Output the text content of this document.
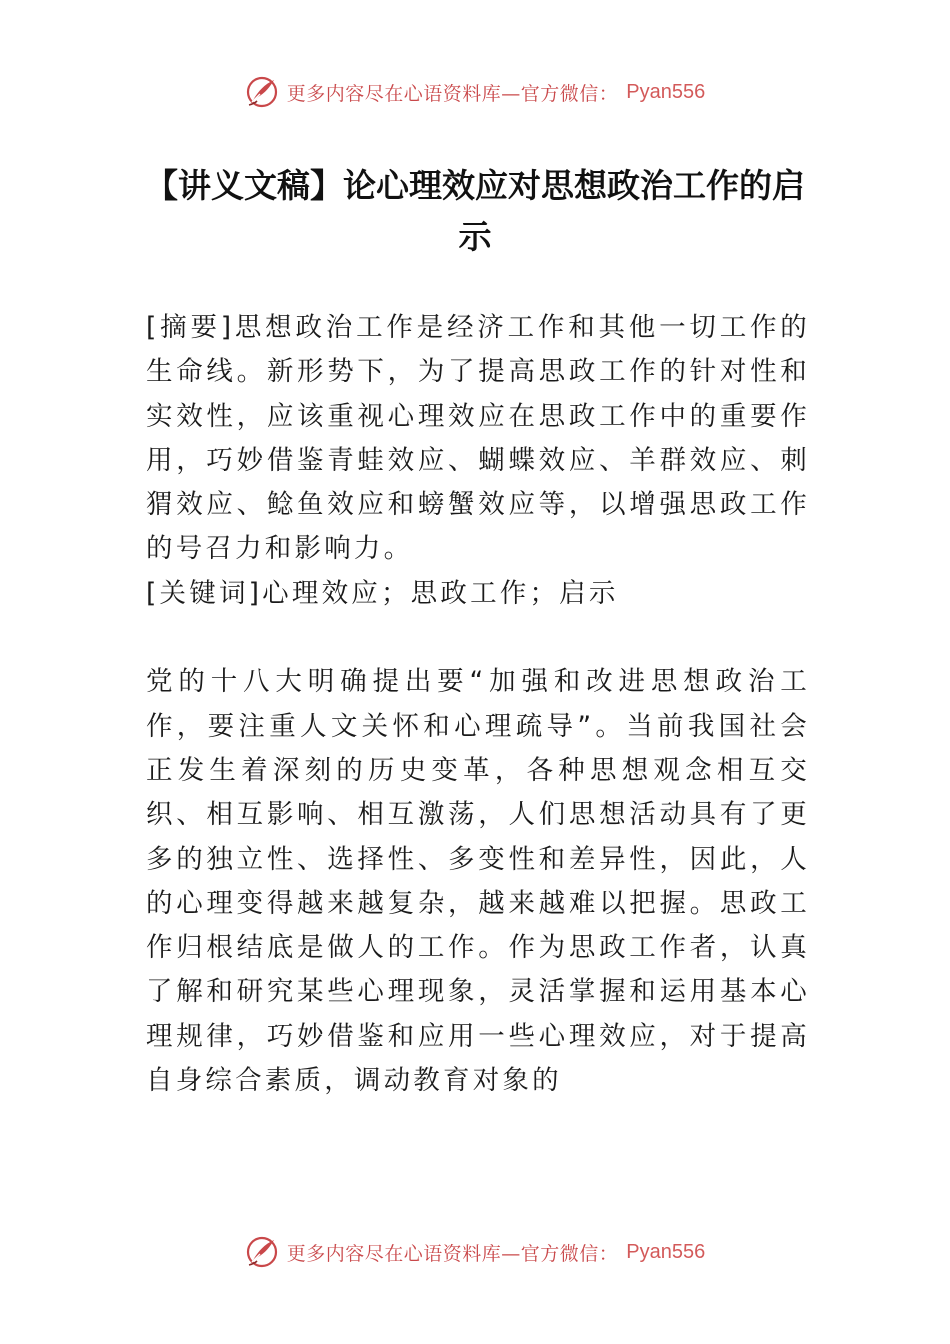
更多内容尽在心语资料库—官方微信： Pyan556
【讲义文稿】论心理效应对思想政治工作的启示

[摘要]思想政治工作是经济工作和其他一切工作的生命线。新形势下，为了提高思政工作的针对性和实效性，应该重视心理效应在思政工作中的重要作用，巧妙借鉴青蛙效应、蝴蝶效应、羊群效应、刺猬效应、鲶鱼效应和螃蟹效应等，以增强思政工作的号召力和影响力。

[关键词]心理效应；思政工作；启示

党的十八大明确提出要“加强和改进思想政治工作，要注重人文关怀和心理疏导”。当前我国社会正发生着深刻的历史变革，各种思想观念相互交织、相互影响、相互激荡，人们思想活动具有了更多的独立性、选择性、多变性和差异性，因此，人的心理变得越来越复杂，越来越难以把握。思政工作归根结底是做人的工作。作为思政工作者，认真了解和研究某些心理现象，灵活掌握和运用基本心理规律，巧妙借鉴和应用一些心理效应，对于提高自身综合素质，调动教育对象的

更多内容尽在心语资料库—官方微信： Pyan556
